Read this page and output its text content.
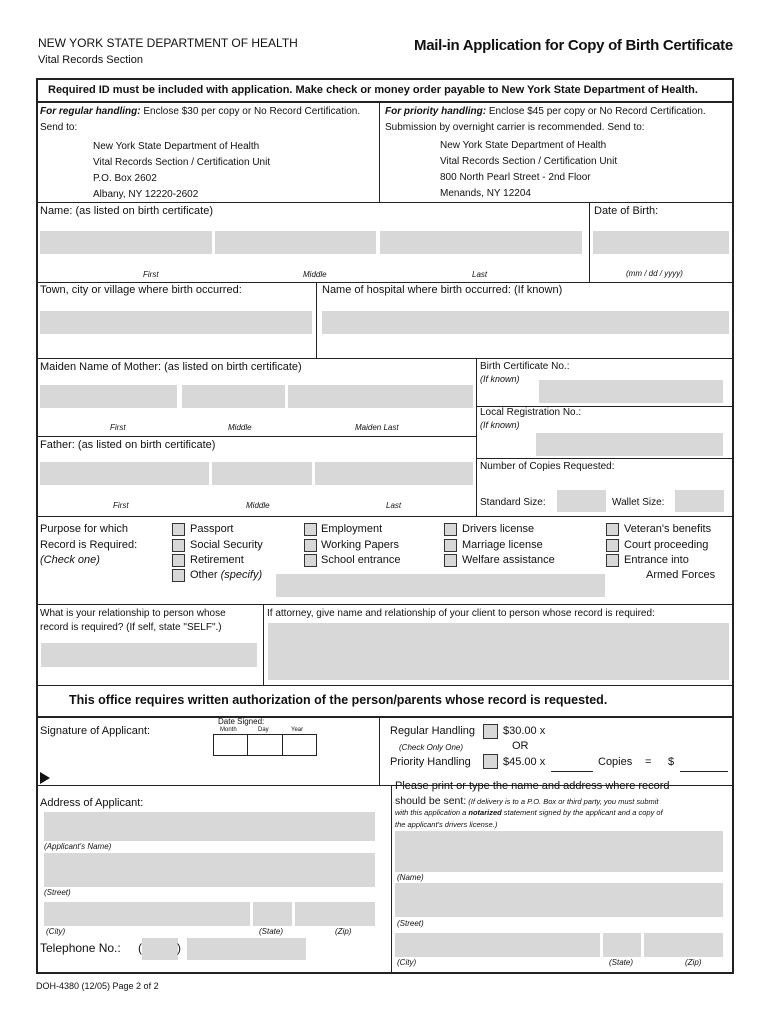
NEW YORK STATE DEPARTMENT OF HEALTH
Vital Records Section
Mail-in Application for Copy of Birth Certificate
Required ID must be included with application. Make check or money order payable to New York State Department of Health.
For regular handling: Enclose $30 per copy or No Record Certification.
Send to:
New York State Department of Health
Vital Records Section / Certification Unit
P.O. Box 2602
Albany, NY 12220-2602
For priority handling: Enclose $45 per copy or No Record Certification.
Submission by overnight carrier is recommended. Send to:
New York State Department of Health
Vital Records Section / Certification Unit
800 North Pearl Street - 2nd Floor
Menands, NY 12204
Name: (as listed on birth certificate)	Date of Birth:
First	Middle	Last	(mm / dd / yyyy)
Town, city or village where birth occurred:	Name of hospital where birth occurred: (If known)
Maiden Name of Mother: (as listed on birth certificate)
First	Middle	Maiden Last
Father: (as listed on birth certificate)
First	Middle	Last
Birth Certificate No.:
(If known)
Local Registration No.:
(If known)
Number of Copies Requested:
Standard Size:	Wallet Size:
Purpose for which
Record is Required:
(Check one)
Passport
Social Security
Retirement
Other (specify)
Employment
Working Papers
School entrance
Drivers license
Marriage license
Welfare assistance
Veteran's benefits
Court proceeding
Entrance into
Armed Forces
What is your relationship to person whose
record is required? (If self, state "SELF".)
If attorney, give name and relationship of your client to person whose record is required:
This office requires written authorization of the person/parents whose record is requested.
Signature of Applicant:
Date Signed:
Month	Day	Year	Regular Handling	$30.00 x
(Check Only One)	OR
Priority Handling	$45.00 x	Copies = $
Address of Applicant:
(Applicant's Name)
(Street)
(City)	(State)	(Zip)
Telephone No.: (	)
Please print or type the name and address where record
should be sent: (If delivery is to a P.O. Box or third party, you must submit
with this application a notarized statement signed by the applicant and a copy of
the applicant's drivers license.)
(Name)
(Street)
(City)	(State)	(Zip)
DOH-4380 (12/05) Page 2 of 2
